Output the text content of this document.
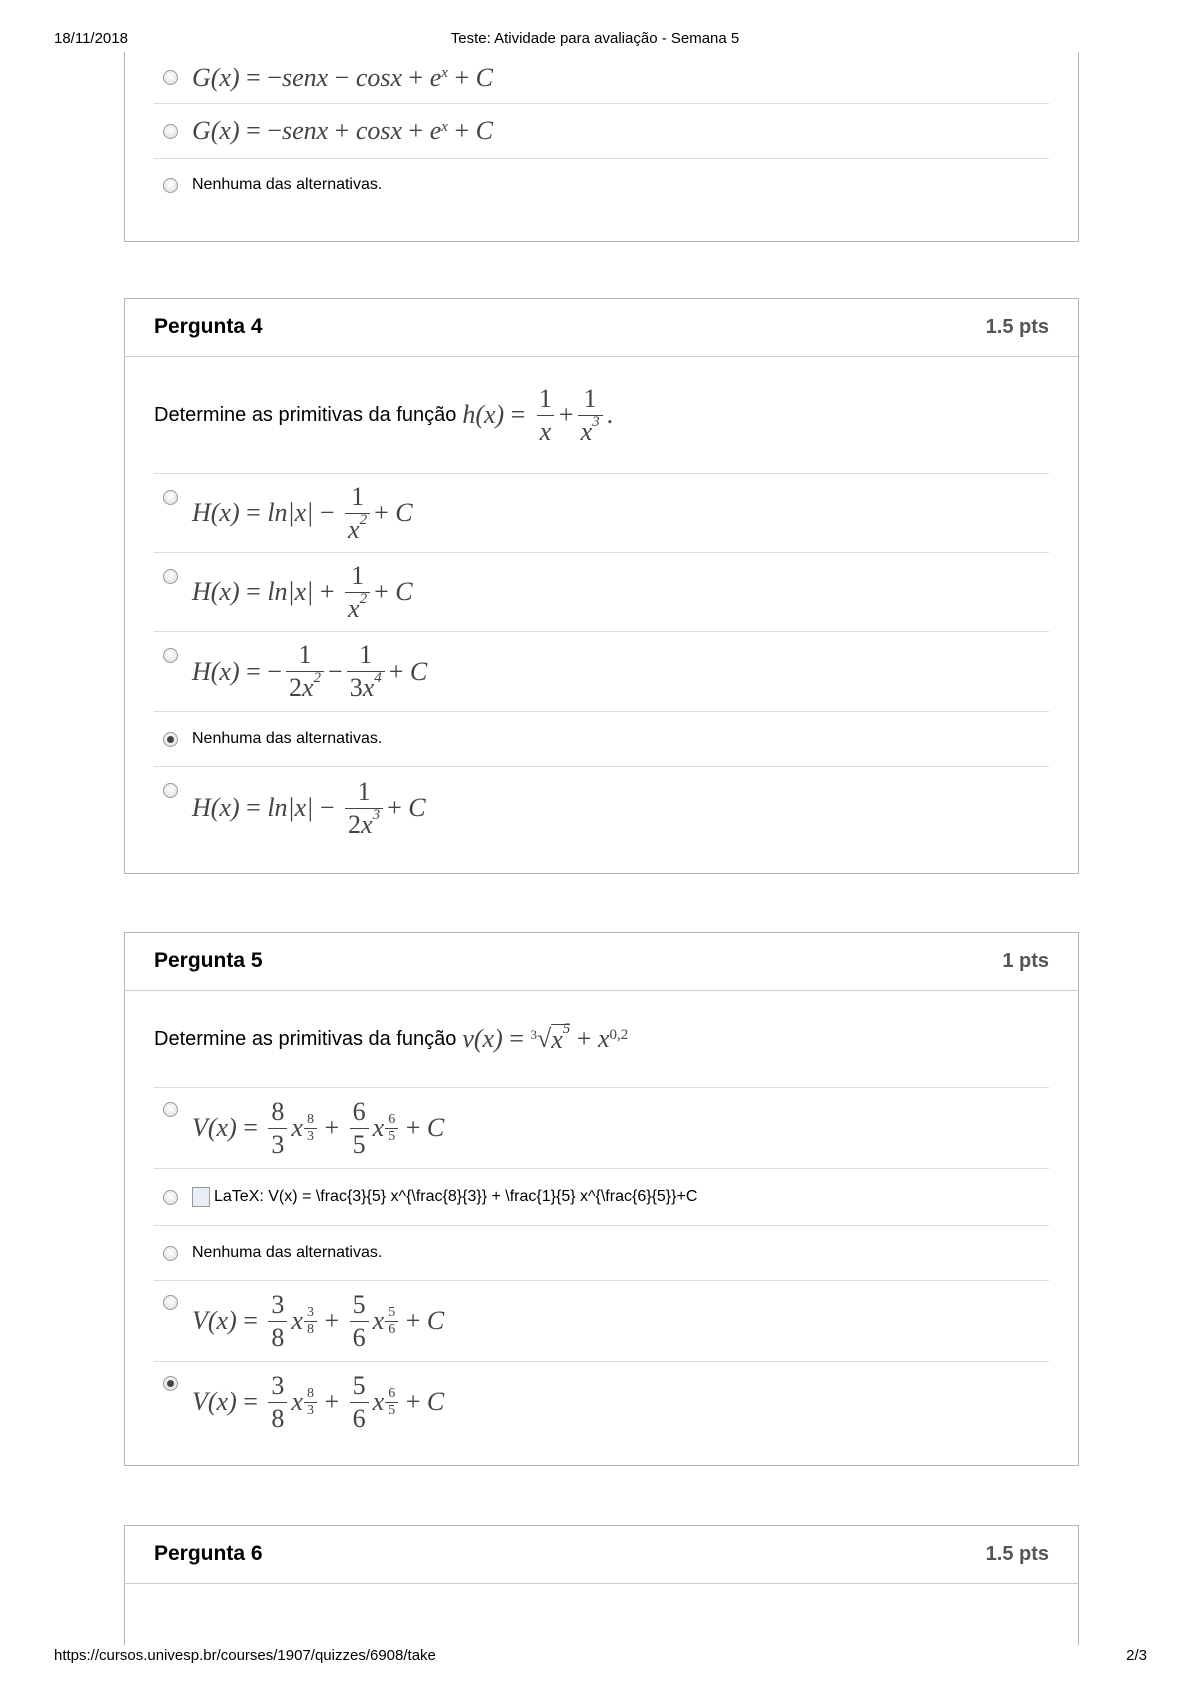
18/11/2018	Teste: Atividade para avaliação - Semana 5
G(x) = − senx − $\cos x + e^x + C$
G(x) = − senx + $\cos x + e^x + C$
Nenhuma das alternativas.
Pergunta 4	1.5 pts
Determine as primitivas da função $h(x) = \frac{1}{x} + \frac{1}{x^3}$ .
$H(x) = \ln|x| - \frac{1}{x^2} + C$
$H(x) = \ln|x| + \frac{1}{x^2} + C$
H(x) = − $\frac{1}{2x^2} - \frac{1}{3x^4} + C$
Nenhuma das alternativas.
$H(x) = \ln|x| - \frac{1}{2x^3} + C$
Pergunta 5	1 pts
Determine as primitivas da função v(x) = $^3$ √ $x^5 + x^{0,2}$
$V(x) = \frac{8}{3}$ x $\frac{8}{3} + \frac{6}{5}$ x $\frac{6}{5} + C$
LaTeX: V(x) = \frac{3}{5} x^{\frac{8}{3}} + \frac{1}{5} x^{\frac{6}{5}}+C
Nenhuma das alternativas.
$V(x) = \frac{3}{8}$ x $\frac{3}{8} + \frac{5}{6}$ x $\frac{5}{6} + C$
$V(x) = \frac{3}{8}$ x $\frac{8}{3} + \frac{5}{6}$ x $\frac{6}{5} + C$
Pergunta 6	1.5 pts
https://cursos.univesp.br/courses/1907/quizzes/6908/take	2/3
